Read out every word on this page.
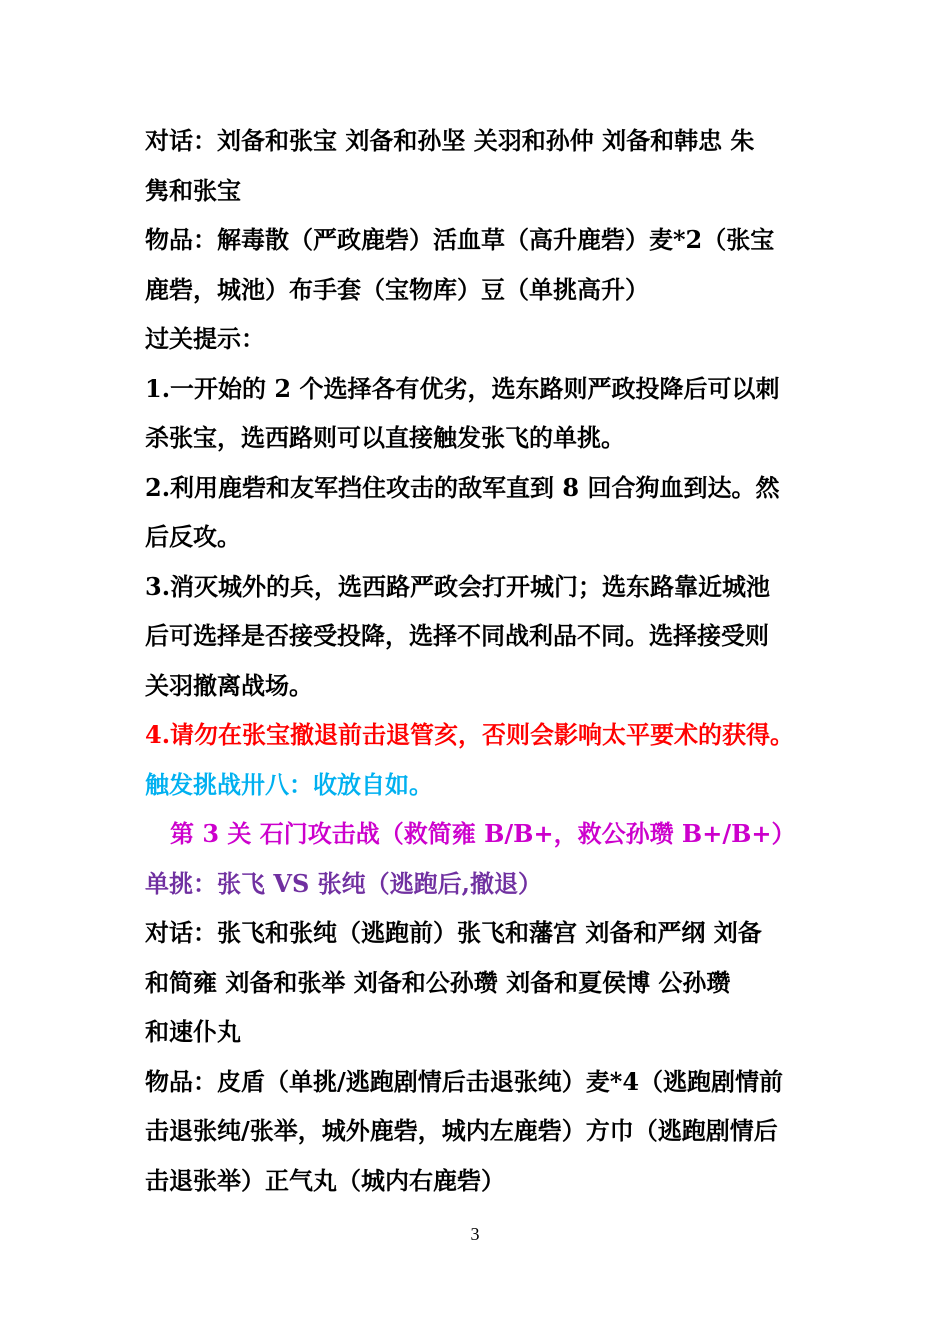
对话：刘备和张宝 刘备和孙坚 关羽和孙仲 刘备和韩忠 朱
隽和张宝
物品：解毒散（严政鹿砦）活血草（高升鹿砦）麦*2（张宝
鹿砦，城池）布手套（宝物库）豆（单挑高升）
过关提示：
1.一开始的 2 个选择各有优劣，选东路则严政投降后可以刺
杀张宝，选西路则可以直接触发张飞的单挑。
2.利用鹿砦和友军挡住攻击的敌军直到 8 回合狗血到达。然
后反攻。
3.消灭城外的兵，选西路严政会打开城门；选东路靠近城池
后可选择是否接受投降，选择不同战利品不同。选择接受则
关羽撤离战场。
4.请勿在张宝撤退前击退管亥，否则会影响太平要术的获得。
触发挑战卅八：收放自如。
第 3 关 石门攻击战（救简雍 B/B+，救公孙瓒 B+/B+）
单挑：张飞 VS 张纯（逃跑后,撤退）
对话：张飞和张纯（逃跑前）张飞和藩宫 刘备和严纲 刘备
和简雍 刘备和张举 刘备和公孙瓒 刘备和夏侯博 公孙瓒
和速仆丸
物品：皮盾（单挑/逃跑剧情后击退张纯）麦*4（逃跑剧情前
击退张纯/张举，城外鹿砦，城内左鹿砦）方巾（逃跑剧情后
击退张举）正气丸（城内右鹿砦）
3
